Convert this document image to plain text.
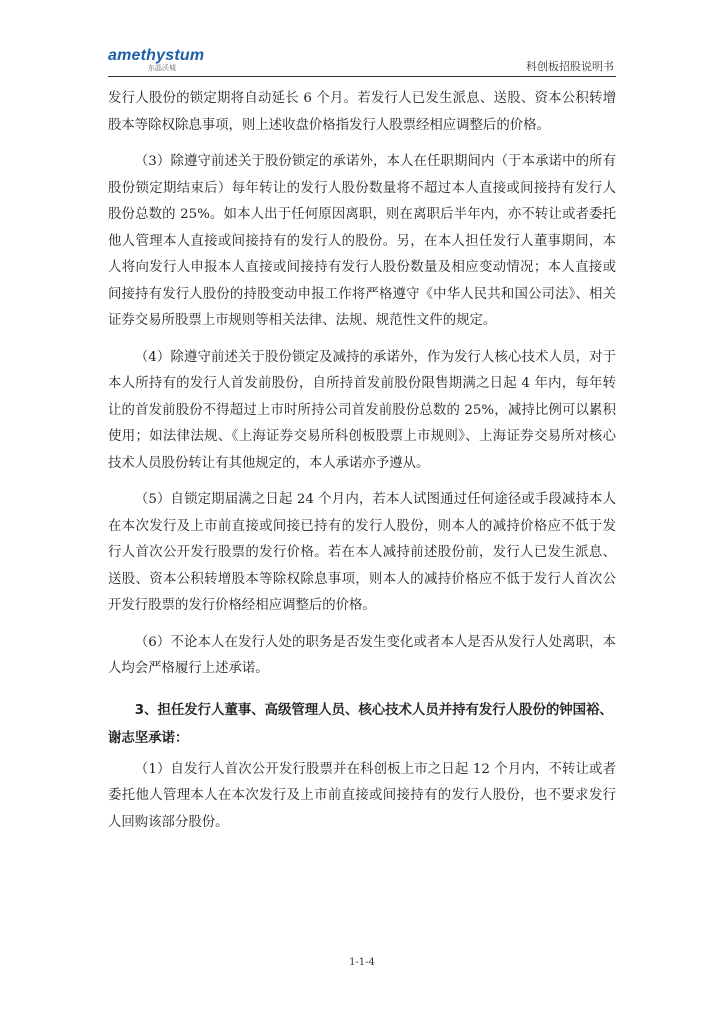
amethystum
东晶沃城	科创板招股说明书

发行人股份的锁定期将自动延长 6 个月。若发行人已发生派息、送股、资本公积转增股本等除权除息事项，则上述收盘价格指发行人股票经相应调整后的价格。

（3）除遵守前述关于股份锁定的承诺外，本人在任职期间内（于本承诺中的所有股份锁定期结束后）每年转让的发行人股份数量将不超过本人直接或间接持有发行人股份总数的 25%。如本人出于任何原因离职，则在离职后半年内，亦不转让或者委托他人管理本人直接或间接持有的发行人的股份。另，在本人担任发行人董事期间，本人将向发行人申报本人直接或间接持有发行人股份数量及相应变动情况；本人直接或间接持有发行人股份的持股变动申报工作将严格遵守《中华人民共和国公司法》、相关证券交易所股票上市规则等相关法律、法规、规范性文件的规定。

（4）除遵守前述关于股份锁定及减持的承诺外，作为发行人核心技术人员，对于本人所持有的发行人首发前股份，自所持首发前股份限售期满之日起 4 年内，每年转让的首发前股份不得超过上市时所持公司首发前股份总数的 25%，减持比例可以累积使用；如法律法规、《上海证券交易所科创板股票上市规则》、上海证券交易所对核心技术人员股份转让有其他规定的，本人承诺亦予遵从。

（5）自锁定期届满之日起 24 个月内，若本人试图通过任何途径或手段减持本人在本次发行及上市前直接或间接已持有的发行人股份，则本人的减持价格应不低于发行人首次公开发行股票的发行价格。若在本人减持前述股份前，发行人已发生派息、送股、资本公积转增股本等除权除息事项，则本人的减持价格应不低于发行人首次公开发行股票的发行价格经相应调整后的价格。

（6）不论本人在发行人处的职务是否发生变化或者本人是否从发行人处离职，本人均会严格履行上述承诺。

3、担任发行人董事、高级管理人员、核心技术人员并持有发行人股份的钟国裕、谢志坚承诺：

（1）自发行人首次公开发行股票并在科创板上市之日起 12 个月内，不转让或者委托他人管理本人在本次发行及上市前直接或间接持有的发行人股份，也不要求发行人回购该部分股份。

1-1-4
